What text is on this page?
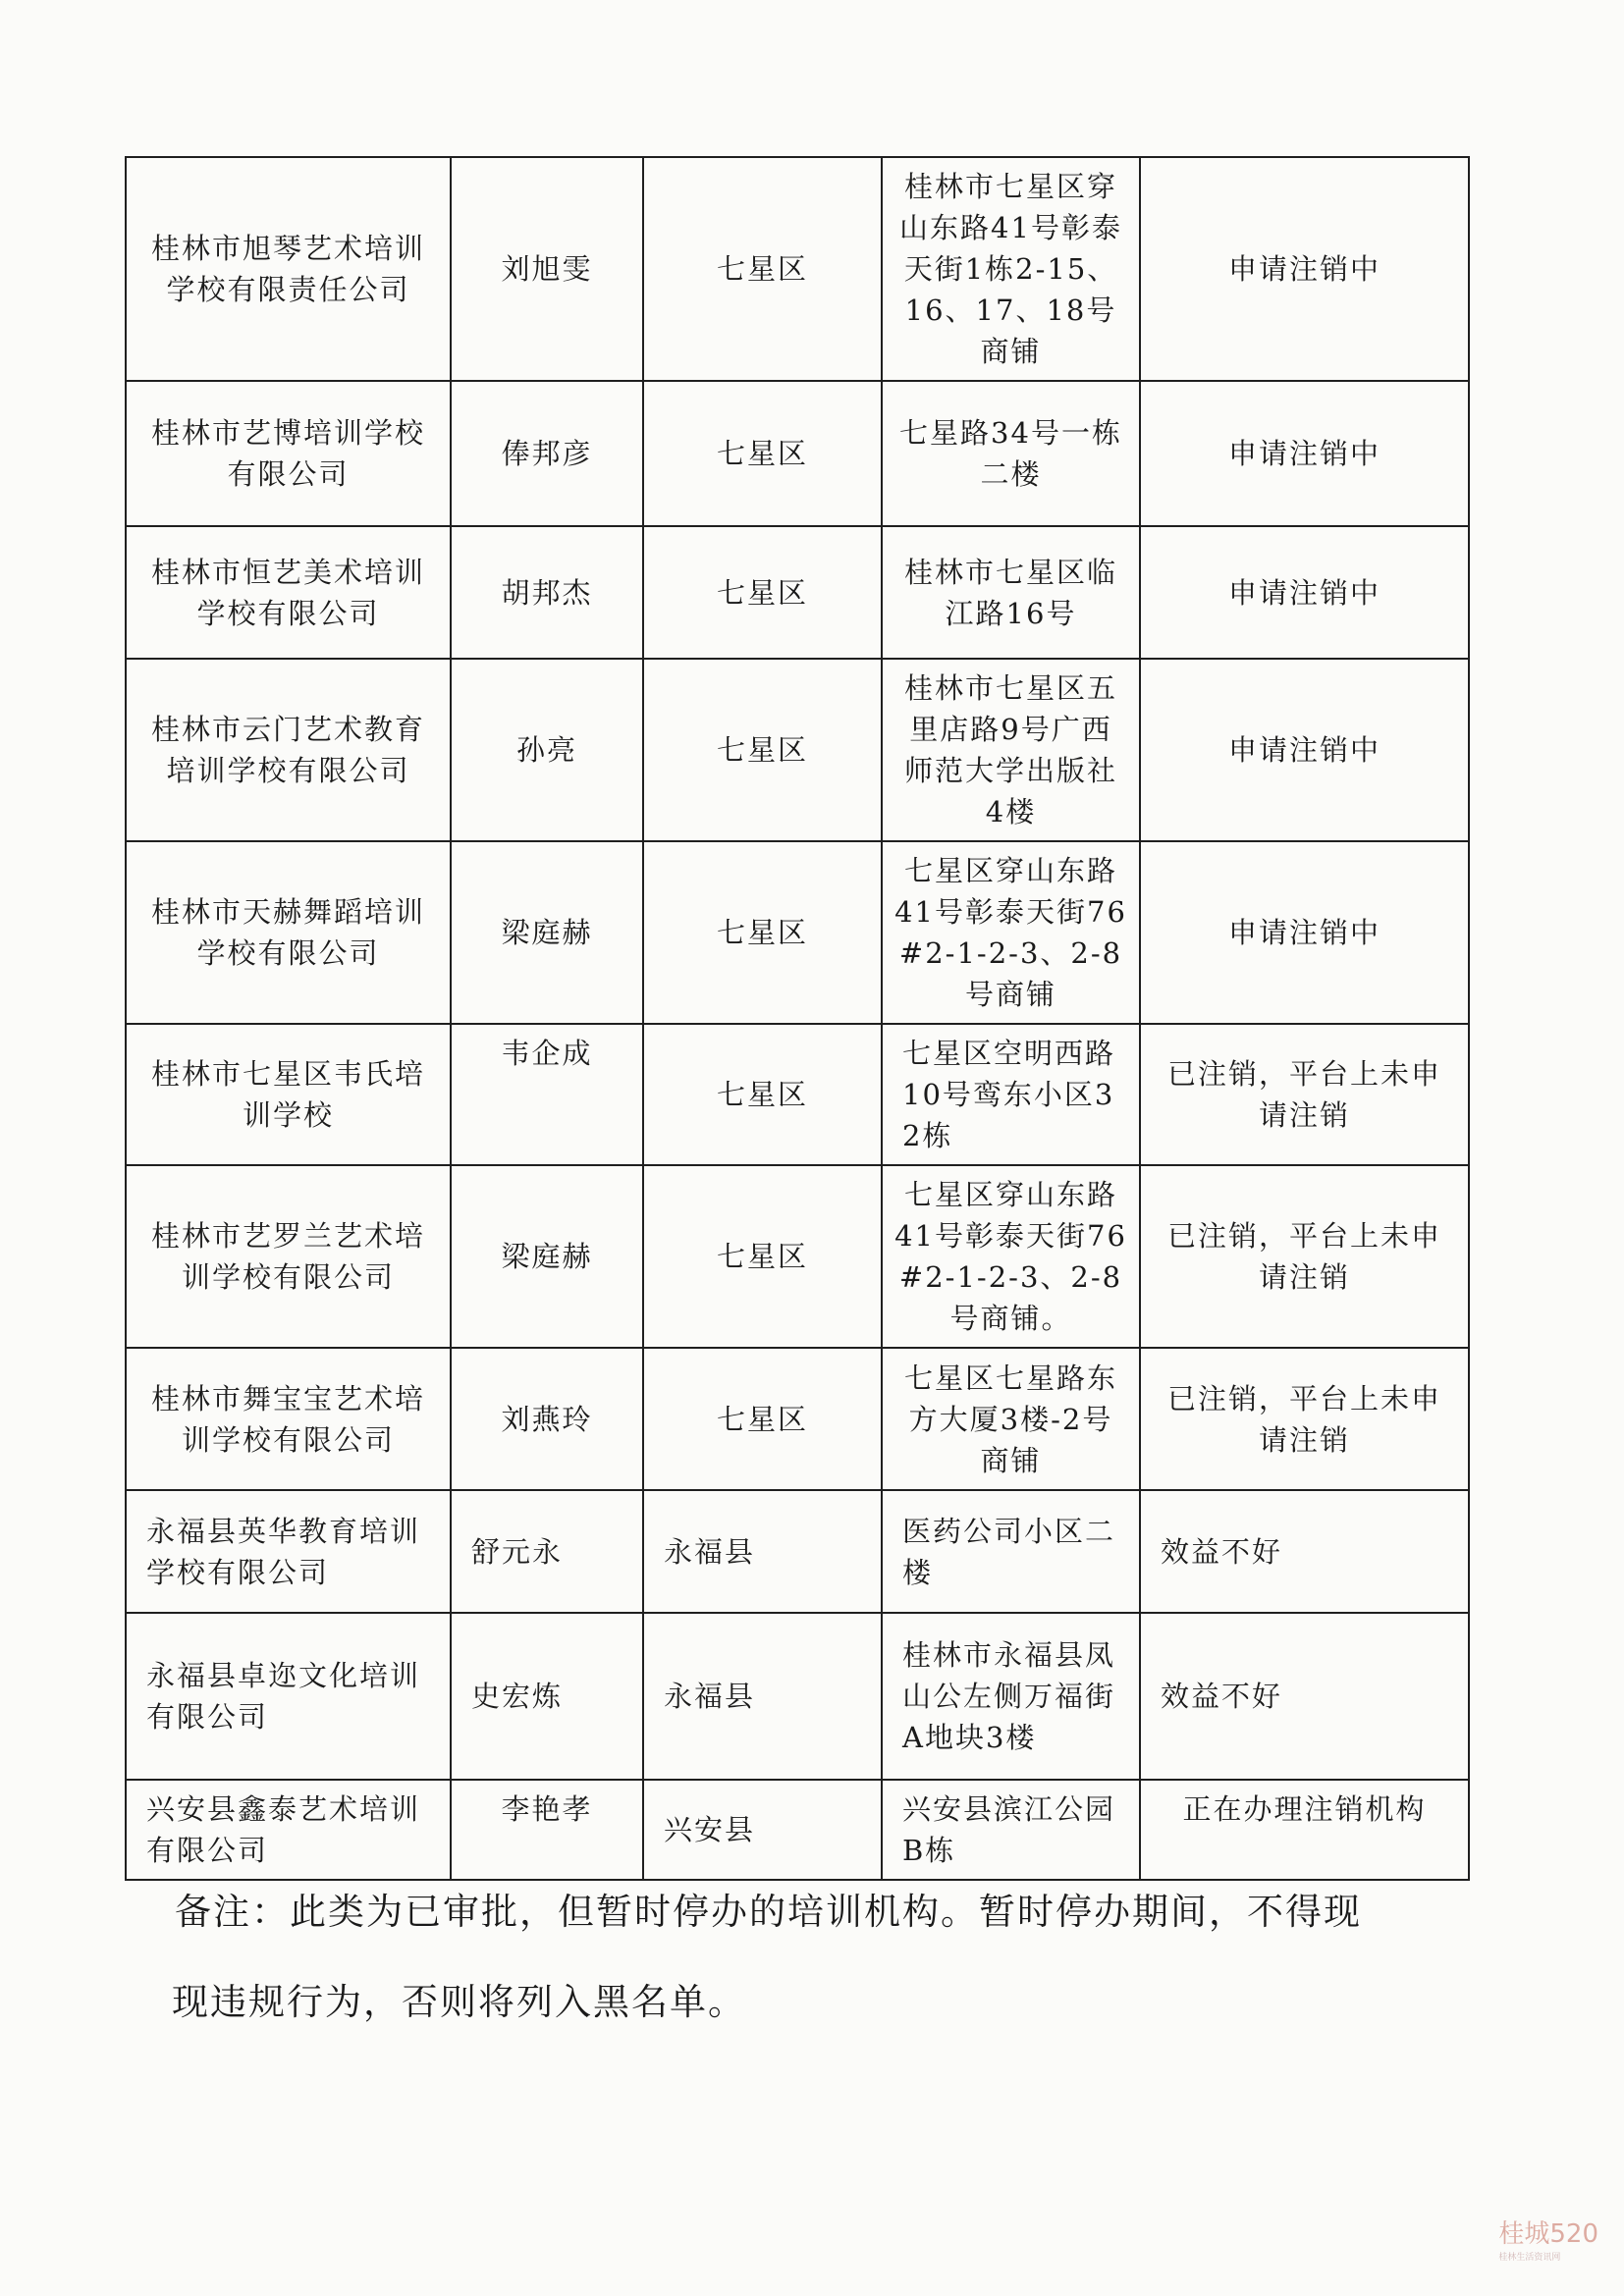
桂林市旭琴艺术培训学校有限责任公司	刘旭雯	七星区	桂林市七星区穿山东路41号彰泰天街1栋2-15、16、17、18号商铺	申请注销中
桂林市艺博培训学校有限公司	俸邦彦	七星区	七星路34号一栋二楼	申请注销中
桂林市恒艺美术培训学校有限公司	胡邦杰	七星区	桂林市七星区临江路16号	申请注销中
桂林市云门艺术教育培训学校有限公司	孙亮	七星区	桂林市七星区五里店路9号广西师范大学出版社4楼	申请注销中
桂林市天赫舞蹈培训学校有限公司	梁庭赫	七星区	七星区穿山东路41号彰泰天街76#2-1-2-3、2-8号商铺	申请注销中
桂林市七星区韦氏培训学校	韦企成	七星区	七星区空明西路10号鸾东小区32栋	已注销，平台上未申请注销
桂林市艺罗兰艺术培训学校有限公司	梁庭赫	七星区	七星区穿山东路41号彰泰天街76#2-1-2-3、2-8号商铺。	已注销，平台上未申请注销
桂林市舞宝宝艺术培训学校有限公司	刘燕玲	七星区	七星区七星路东方大厦3楼-2号商铺	已注销，平台上未申请注销
永福县英华教育培训学校有限公司	舒元永	永福县	医药公司小区二楼	效益不好
永福县卓迩文化培训有限公司	史宏炼	永福县	桂林市永福县凤山公左侧万福街A地块3楼	效益不好
兴安县鑫泰艺术培训有限公司	李艳孝	兴安县	兴安县滨江公园B栋	正在办理注销机构

备注：此类为已审批，但暂时停办的培训机构。暂时停办期间，不得现
现违规行为，否则将列入黑名单。

桂城520
桂林生活资讯网
